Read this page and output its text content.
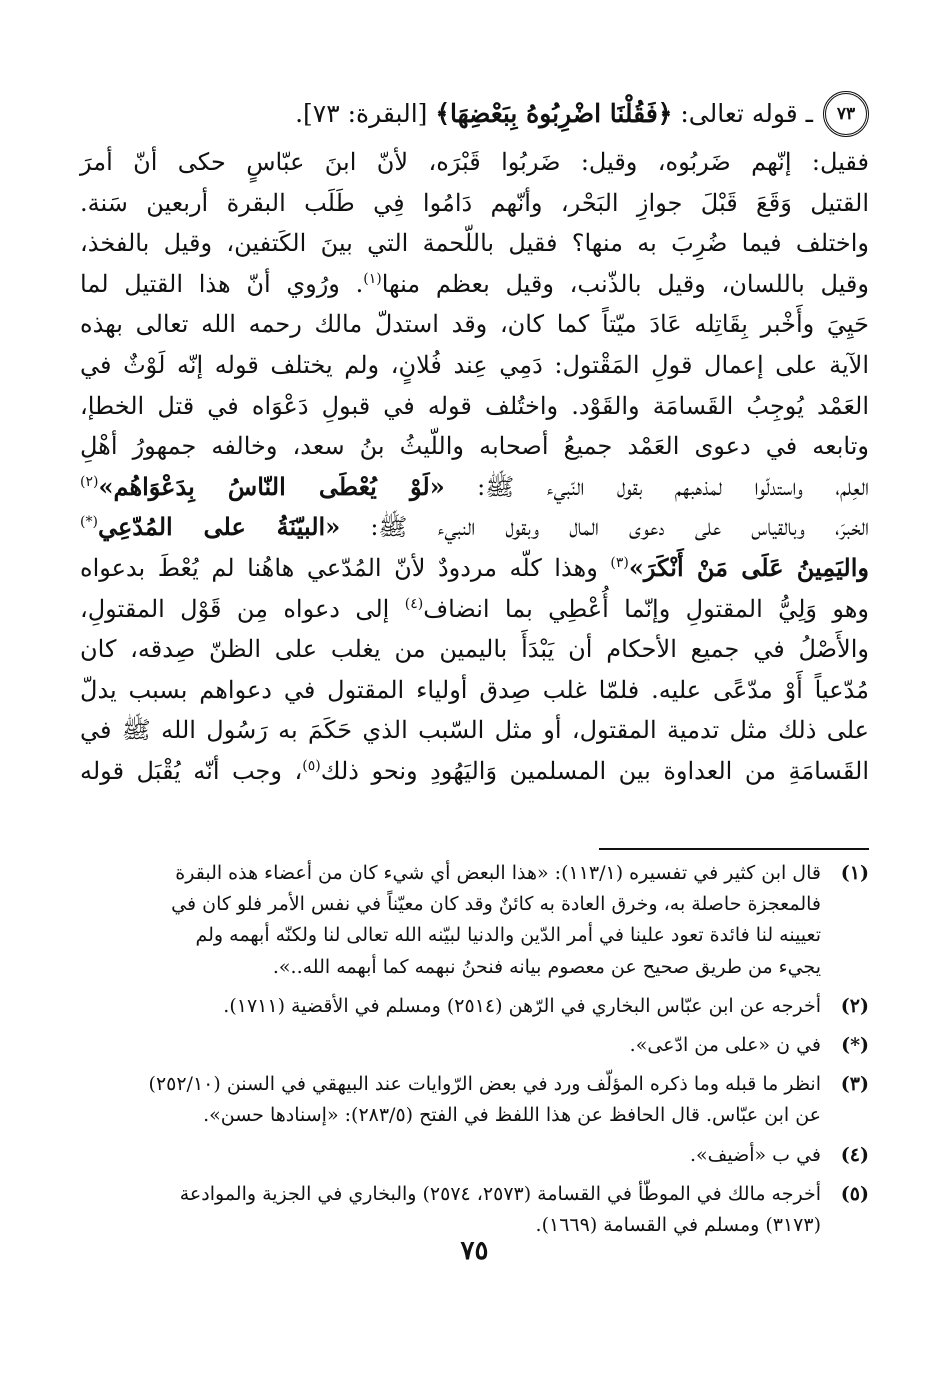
٧٣
ـ قوله تعالى: ﴿فَقُلْنَا اضْرِبُوهُ بِبَعْضِهَا﴾ [البقرة: ٧٣].

فقيل: إنّهم ضَربُوه، وقيل: ضَربُوا قَبْرَه، لأنّ ابنَ عبّاسٍ حكى أنّ أمرَ

القتيل وَقَعَ قَبْلَ جوازِ البَحْر، وأنّهم دَامُوا فِي طَلَب البقرة أربعين سَنة.

واختلف فيما ضُرِبَ به منها؟ فقيل باللّحمة التي بينَ الكَتفين، وقيل بالفخذ،

وقيل باللسان، وقيل بالذّنب، وقيل بعظم منها$^{(١)}$. ورُوي أنّ هذا القتيل لما

حَيِيَ وأَخْبر بِقَاتِله عَادَ ميّتاً كما كان، وقد استدلّ مالك رحمه الله تعالى بهذه

الآية على إعمال قولِ المَقْتول: دَمِي عِند فُلانٍ، ولم يختلف قوله إنّه لَوْثٌ في

العَمْد يُوجِبُ القَسامَة والقَوْد. واختُلف قوله في قبولِ دَعْوَاه في قتل الخطإ،

وتابعه في دعوى العَمْد جميعُ أصحابه واللّيثُ بنُ سعد، وخالفه جمهورُ أهْلِ

العِلم، واستدلّوا لمذهبهم بقول النّبيء ﷺ: «لَوْ يُعْطَى النّاسُ بِدَعْوَاهُم»$^{(٢)}$

الخبرَ، وبالقياس على دعوى المال وبقول النبيء ﷺ: «البيّنَةُ على المُدّعِي(*)

واليَمِينُ عَلَى مَنْ أَنْكَرَ»$^{(٣)}$ وهذا كلّه مردودٌ لأنّ المُدّعي هاهُنا لم يُعْطَ بدعواه

وهو وَلِيُّ المقتولِ وإنّما أُعْطِي بما انضاف$^{(٤)}$ إلى دعواه مِن قَوْل المقتولِ،

والأَصْلُ في جميع الأحكام أن يَبْدَأَ باليمين من يغلب على الظنّ صِدقه، كان

مُدّعياً أَوْ مدّعًى عليه. فلمّا غلب صِدق أولياء المقتول في دعواهم بسبب يدلّ

على ذلك مثل تدمية المقتول، أو مثل السّبب الذي حَكَمَ به رَسُول الله ﷺ في

القَسامَةِ من العداوة بين المسلمين وَاليَهُودِ ونحو ذلك$^{(٥)}$، وجب أنّه يُقْبَل قوله

(١)
قال ابن كثير في تفسيره (١١٣/١): «هذا البعض أي شيء كان من أعضاء هذه البقرة
فالمعجزة حاصلة به، وخرق العادة به كائنٌ وقد كان معيّناً في نفس الأمر فلو كان في
تعيينه لنا فائدة تعود علينا في أمر الدّين والدنيا لبيّنه الله تعالى لنا ولكنّه أبهمه ولم
يجيء من طريق صحيح عن معصوم بيانه فنحنُ نبهمه كما أبهمه الله..».
(٢)
أخرجه عن ابن عبّاس البخاري في الرّهن (٢٥١٤) ومسلم في الأقضية (١٧١١).
(*)
في ن «على من ادّعى».
(٣)
انظر ما قبله وما ذكره المؤلّف ورد في بعض الرّوايات عند البيهقي في السنن (٢٥٢/١٠)
عن ابن عبّاس. قال الحافظ عن هذا اللفظ في الفتح (٢٨٣/٥): «إسنادها حسن».
(٤)
في ب «أضيف».
(٥)
أخرجه مالك في الموطّأ في القسامة (٢٥٧٣، ٢٥٧٤) والبخاري في الجزية والموادعة
(٣١٧٣) ومسلم في القسامة (١٦٦٩).
٧٥
